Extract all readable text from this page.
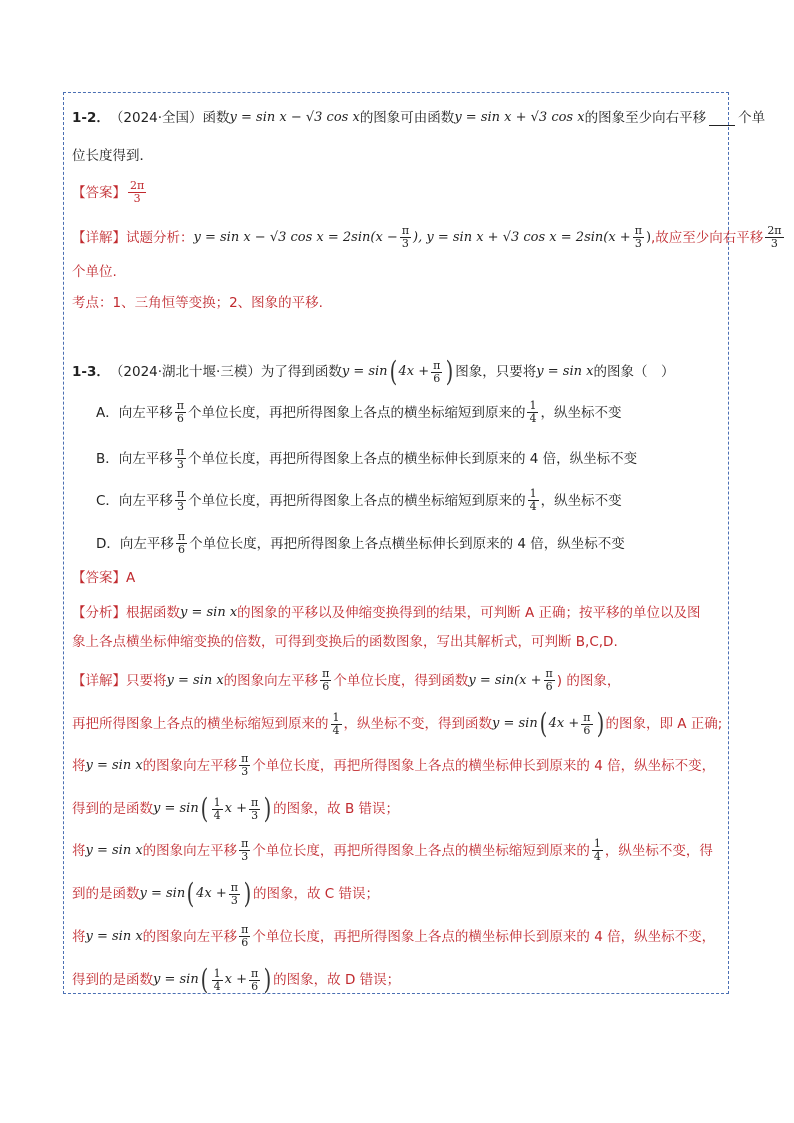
1-2． （2024·全国） 函数 y = sin x − √3 cos x 的图象可由函数 y = sin x + √3 cos x 的图象至少向右平移 个单
位长度得到．
【答案】 $\frac{2\pi}{3}$
【详解】 试题分析： y = sin x − √3 $\cos x = 2\sin(x - \frac{\pi}{3}$ ), y = sin x + √3 $\cos x = 2\sin(x + \frac{\pi}{3}$ ) ,故应至少向右平移 $\frac{2\pi}{3}$
个单位.
考点：1、三角恒等变换；2、图象的平移.
1-3． （2024·湖北十堰·三模） 为了得到函数 y = sin ( $4x + \frac{\pi}{6}$ ) 图象，只要将 y = sin x 的图象（　）
A．向左平移 $\frac{\pi}{6}$ 个单位长度，再把所得图象上各点的横坐标缩短到原来的 $\frac{1}{4}$ ，纵坐标不变
B．向左平移 $\frac{\pi}{3}$ 个单位长度，再把所得图象上各点的横坐标伸长到原来的 4 倍，纵坐标不变
C．向左平移 $\frac{\pi}{3}$ 个单位长度，再把所得图象上各点的横坐标缩短到原来的 $\frac{1}{4}$ ，纵坐标不变
D．向左平移 $\frac{\pi}{6}$ 个单位长度，再把所得图象上各点横坐标伸长到原来的 4 倍，纵坐标不变
【答案】 A
【分析】 根据函数 y = sin x 的图象的平移以及伸缩变换得到的结果，可判断 A 正确；按平移的单位以及图
象上各点横坐标伸缩变换的倍数，可得到变换后的函数图象，写出其解析式，可判断 B,C,D.
【详解】 只要将 y = sin x 的图象向左平移 $\frac{\pi}{6}$ 个单位长度，得到函数 $y = \sin(x + \frac{\pi}{6}$ ) 的图象，
再把所得图象上各点的横坐标缩短到原来的 $\frac{1}{4}$ ，纵坐标不变，得到函数 y = sin ( $4x + \frac{\pi}{6}$ ) 的图象，即 A 正确;
将 y = sin x 的图象向左平移 $\frac{\pi}{3}$ 个单位长度，再把所得图象上各点的横坐标伸长到原来的 4 倍，纵坐标不变，
得到的是函数 y = sin ( $\frac{1}{4}$ $x + \frac{\pi}{3}$ ) 的图象，故 B 错误；
将 y = sin x 的图象向左平移 $\frac{\pi}{3}$ 个单位长度，再把所得图象上各点的横坐标缩短到原来的 $\frac{1}{4}$ ，纵坐标不变，得
到的是函数 y = sin ( $4x + \frac{\pi}{3}$ ) 的图象，故 C 错误；
将 y = sin x 的图象向左平移 $\frac{\pi}{6}$ 个单位长度，再把所得图象上各点的横坐标伸长到原来的 4 倍，纵坐标不变，
得到的是函数 y = sin ( $\frac{1}{4}$ $x + \frac{\pi}{6}$ ) 的图象，故 D 错误；
